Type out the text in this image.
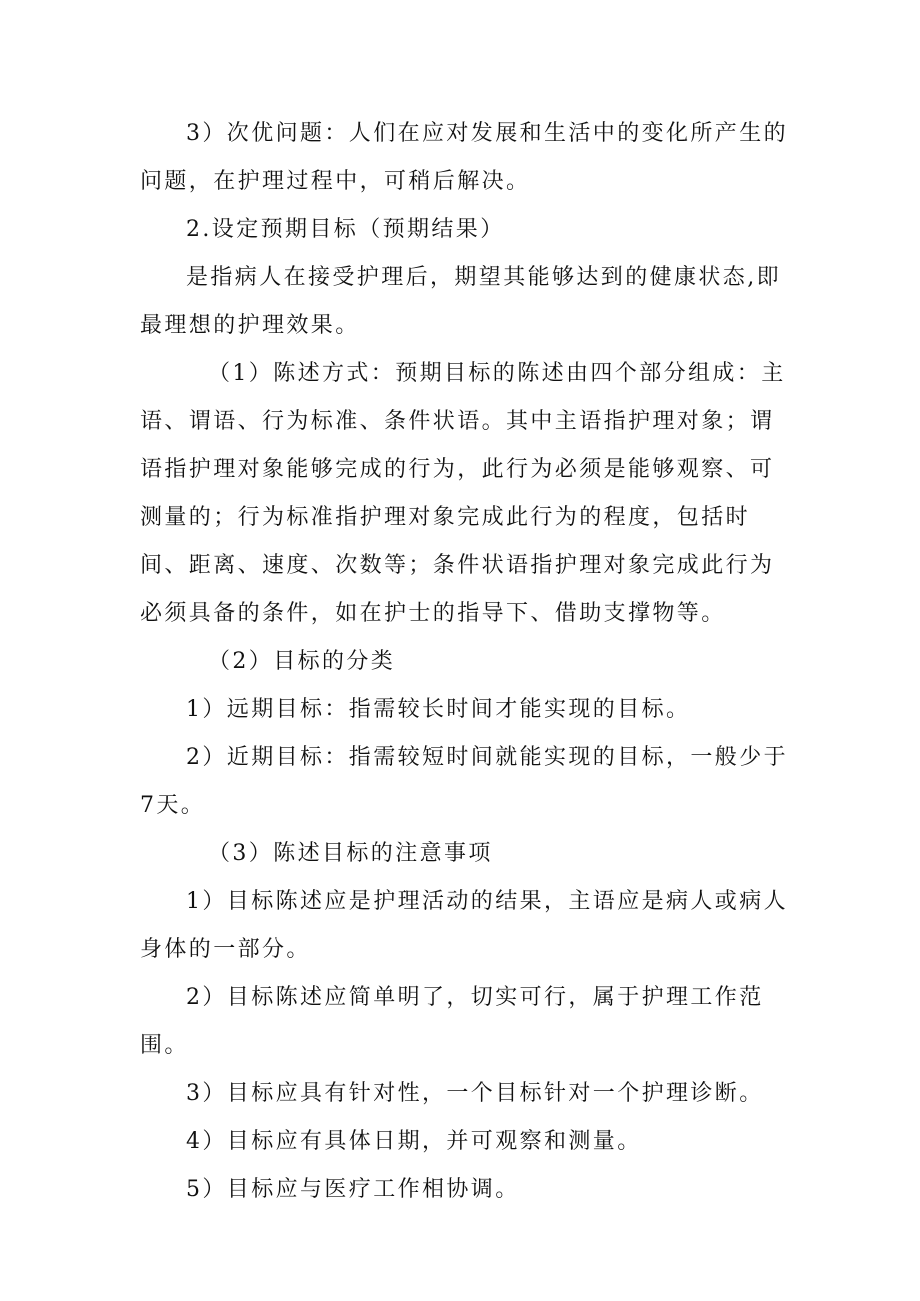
3）次优问题：人们在应对发展和生活中的变化所产生的问题，在护理过程中，可稍后解决。

2.设定预期目标（预期结果）

是指病人在接受护理后，期望其能够达到的健康状态,即最理想的护理效果。

（1）陈述方式：预期目标的陈述由四个部分组成：主语、谓语、行为标准、条件状语。其中主语指护理对象；谓语指护理对象能够完成的行为，此行为必须是能够观察、可测量的；行为标准指护理对象完成此行为的程度，包括时间、距离、速度、次数等；条件状语指护理对象完成此行为必须具备的条件，如在护士的指导下、借助支撑物等。

（2）目标的分类

1）远期目标：指需较长时间才能实现的目标。

2）近期目标：指需较短时间就能实现的目标，一般少于7天。

（3）陈述目标的注意事项

1）目标陈述应是护理活动的结果，主语应是病人或病人身体的一部分。

2）目标陈述应简单明了，切实可行，属于护理工作范围。

3）目标应具有针对性，一个目标针对一个护理诊断。

4）目标应有具体日期，并可观察和测量。

5）目标应与医疗工作相协调。
